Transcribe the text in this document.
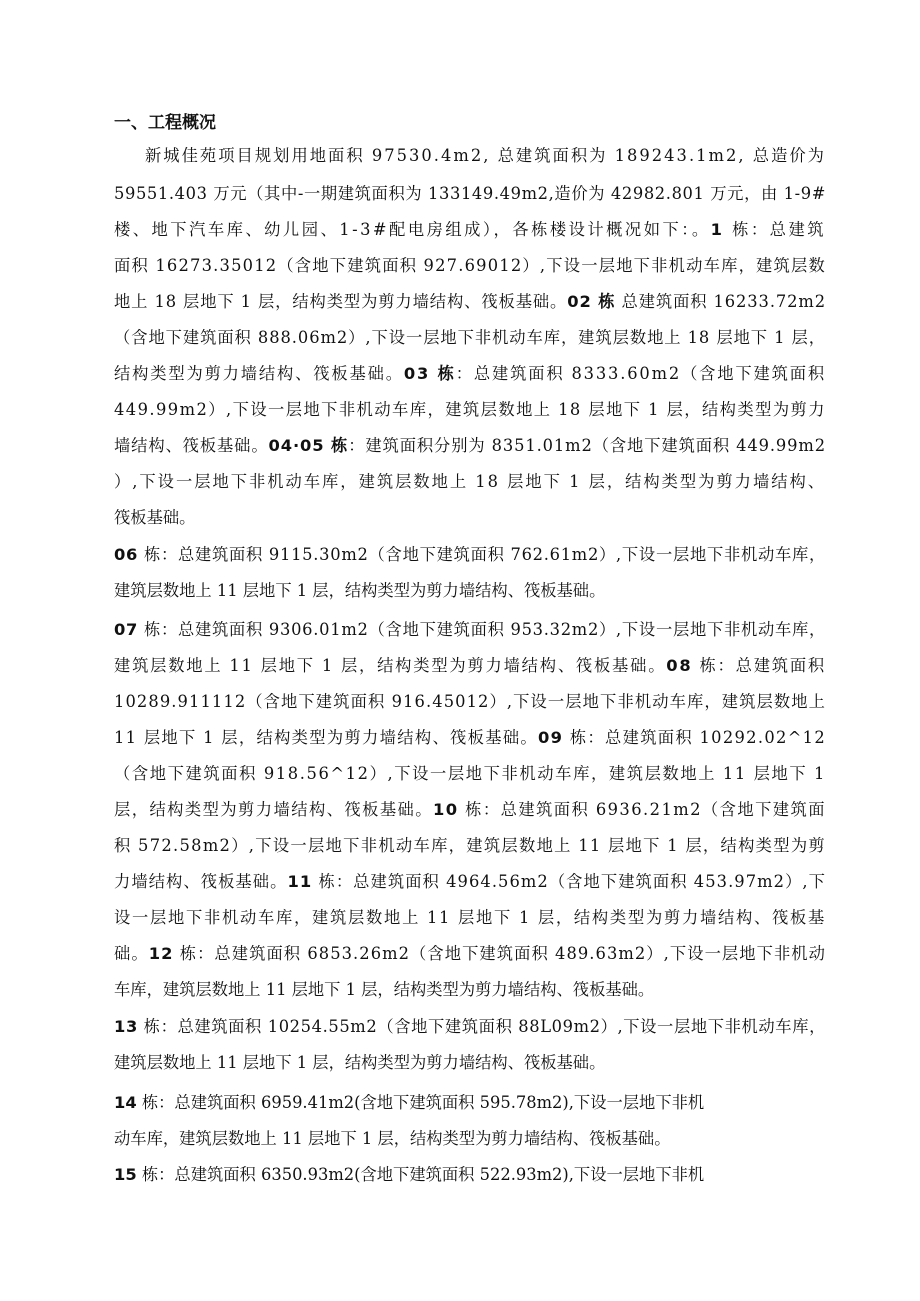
一、工程概况
新城佳苑项目规划用地面积 97530.4m2, 总建筑面积为 189243.1m2, 总造价为
59551.403 万元（其中-一期建筑面积为 133149.49m2,造价为 42982.801 万元，由 1-9#
楼、地下汽车库、幼儿园、1-3#配电房组成），各栋楼设计概况如下：。1 栋：总建筑
面积 16273.35012（含地下建筑面积 927.69012）,下设一层地下非机动车库，建筑层数
地上 18 层地下 1 层，结构类型为剪力墙结构、筏板基础。02 栋 总建筑面积 16233.72m2
（含地下建筑面积 888.06m2）,下设一层地下非机动车库，建筑层数地上 18 层地下 1 层，
结构类型为剪力墙结构、筏板基础。03 栋：总建筑面积 8333.60m2（含地下建筑面积
449.99m2）,下设一层地下非机动车库，建筑层数地上 18 层地下 1 层，结构类型为剪力
墙结构、筏板基础。04·05 栋：建筑面积分别为 8351.01m2（含地下建筑面积 449.99m2
）,下设一层地下非机动车库，建筑层数地上 18 层地下 1 层，结构类型为剪力墙结构、
筏板基础。
06 栋：总建筑面积 9115.30m2（含地下建筑面积 762.61m2）,下设一层地下非机动车库，
建筑层数地上 11 层地下 1 层，结构类型为剪力墙结构、筏板基础。
07 栋：总建筑面积 9306.01m2（含地下建筑面积 953.32m2）,下设一层地下非机动车库，
建筑层数地上 11 层地下 1 层，结构类型为剪力墙结构、筏板基础。08 栋：总建筑面积
10289.911112（含地下建筑面积 916.45012）,下设一层地下非机动车库，建筑层数地上
11 层地下 1 层，结构类型为剪力墙结构、筏板基础。09 栋：总建筑面积 10292.02^12
（含地下建筑面积 918.56^12）,下设一层地下非机动车库，建筑层数地上 11 层地下 1
层，结构类型为剪力墙结构、筏板基础。10 栋：总建筑面积 6936.21m2（含地下建筑面
积 572.58m2）,下设一层地下非机动车库，建筑层数地上 11 层地下 1 层，结构类型为剪
力墙结构、筏板基础。11 栋：总建筑面积 4964.56m2（含地下建筑面积 453.97m2）,下
设一层地下非机动车库，建筑层数地上 11 层地下 1 层，结构类型为剪力墙结构、筏板基
础。12 栋：总建筑面积 6853.26m2（含地下建筑面积 489.63m2）,下设一层地下非机动
车库，建筑层数地上 11 层地下 1 层，结构类型为剪力墙结构、筏板基础。
13 栋：总建筑面积 10254.55m2（含地下建筑面积 88L09m2）,下设一层地下非机动车库，
建筑层数地上 11 层地下 1 层，结构类型为剪力墙结构、筏板基础。
14 栋：总建筑面积 6959.41m2(含地下建筑面积 595.78m2),下设一层地下非机
动车库，建筑层数地上 11 层地下 1 层，结构类型为剪力墙结构、筏板基础。
15 栋：总建筑面积 6350.93m2(含地下建筑面积 522.93m2),下设一层地下非机
